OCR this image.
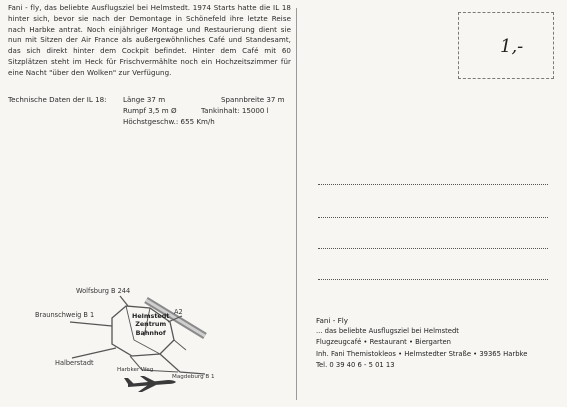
Fani - fly, das beliebte Ausflugsziel bei Helmstedt. 1974 Starts hatte die IL 18 hinter sich, bevor sie nach der Demontage in Schönefeld ihre letzte Reise nach Harbke antrat. Noch einjähriger Montage und Restaurierung dient sie nun mit Sitzen der Air France als außergewöhnliches Café und Standesamt, das sich direkt hinter dem Cockpit befindet. Hinter dem Café mit 60 Sitzplätzen steht im Heck für Frischvermählte noch ein Hochzeitszimmer für eine Nacht "über den Wolken" zur Verfügung.

Technische Daten der IL 18: Länge 37 m	Spannbreite 37 m
Rumpf 3,5 m Ø	Tankinhalt: 15000 l
Höchstgeschw.: 655 Km/h
Wolfsburg B 244
Braunschweig B 1	A2
Halberstadt
Harbker Weg
Magdeburg B 1
Helmstedt
Zentrum
Bahnhof
1,-
Fani - Fly
... das beliebte Ausflugsziel bei Helmstedt
Flugzeugcafé • Restaurant • Biergarten
Inh. Fani Themistokleos • Helmstedter Straße • 39365 Harbke
Tel. 0 39 40 6 - 5 01 13
